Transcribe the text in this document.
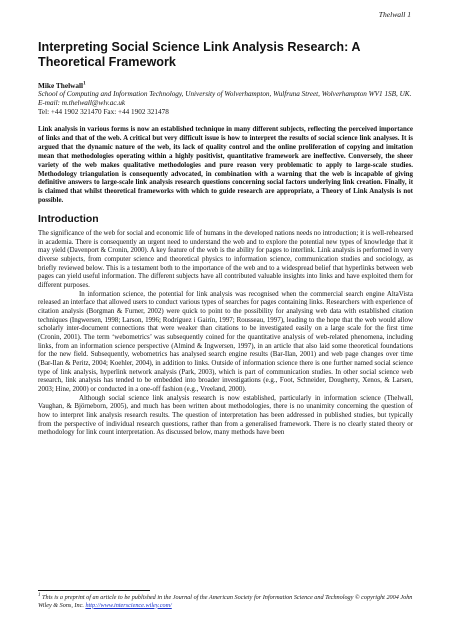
Thelwall 1
Interpreting Social Science Link Analysis Research: A Theoretical Framework
Mike Thelwall$^1$
School of Computing and Information Technology, University of Wolverhampton, Wulfruna Street, Wolverhampton WV1 1SB, UK. E-mail: m.thelwall@wlv.ac.uk
Tel: +44 1902 321470 Fax: +44 1902 321478
Link analysis in various forms is now an established technique in many different subjects, reflecting the perceived importance of links and that of the web. A critical but very difficult issue is how to interpret the results of social science link analyses. It is argued that the dynamic nature of the web, its lack of quality control and the online proliferation of copying and imitation mean that methodologies operating within a highly positivist, quantitative framework are ineffective. Conversely, the sheer variety of the web makes qualitative methodologies and pure reason very problematic to apply to large-scale studies. Methodology triangulation is consequently advocated, in combination with a warning that the web is incapable of giving definitive answers to large-scale link analysis research questions concerning social factors underlying link creation. Finally, it is claimed that whilst theoretical frameworks with which to guide research are appropriate, a Theory of Link Analysis is not possible.
Introduction

The significance of the web for social and economic life of humans in the developed nations needs no introduction; it is well-rehearsed in academia. There is consequently an urgent need to understand the web and to explore the potential new types of knowledge that it may yield (Davenport & Cronin, 2000). A key feature of the web is the ability for pages to interlink. Link analysis is performed in very diverse subjects, from computer science and theoretical physics to information science, communication studies and sociology, as briefly reviewed below. This is a testament both to the importance of the web and to a widespread belief that hyperlinks between web pages can yield useful information. The different subjects have all contributed valuable insights into links and have exploited them for different purposes.

In information science, the potential for link analysis was recognised when the commercial search engine AltaVista released an interface that allowed users to conduct various types of searches for pages containing links. Researchers with experience of citation analysis (Borgman & Furner, 2002) were quick to point to the possibility for analysing web data with established citation techniques (Ingwersen, 1998; Larson, 1996; Rodríguez i Gairín, 1997; Rousseau, 1997), leading to the hope that the web would allow scholarly inter-document connections that were weaker than citations to be investigated easily on a large scale for the first time (Cronin, 2001). The term ‘webometrics’ was subsequently coined for the quantitative analysis of web-related phenomena, including links, from an information science perspective (Almind & Ingwersen, 1997), in an article that also laid some theoretical foundations for the new field. Subsequently, webometrics has analysed search engine results (Bar-Ilan, 2001) and web page changes over time (Bar-Ilan & Peritz, 2004; Koehler, 2004), in addition to links. Outside of information science there is one further named social science type of link analysis, hyperlink network analysis (Park, 2003), which is part of communication studies. In other social science web research, link analysis has tended to be embedded into broader investigations (e.g., Foot, Schneider, Dougherty, Xenos, & Larsen, 2003; Hine, 2000) or conducted in a one-off fashion (e.g., Vreeland, 2000).

Although social science link analysis research is now established, particularly in information science (Thelwall, Vaughan, & Björneborn, 2005), and much has been written about methodologies, there is no unanimity concerning the question of how to interpret link analysis research results. The question of interpretation has been addressed in published studies, but typically from the perspective of individual research questions, rather than from a generalised framework. There is no clearly stated theory or methodology for link count interpretation. As discussed below, many methods have been

$^1$ This is a preprint of an article to be published in the Journal of the American Society for Information Science and Technology © copyright 2004 John Wiley & Sons, Inc. http://www.interscience.wiley.com/
